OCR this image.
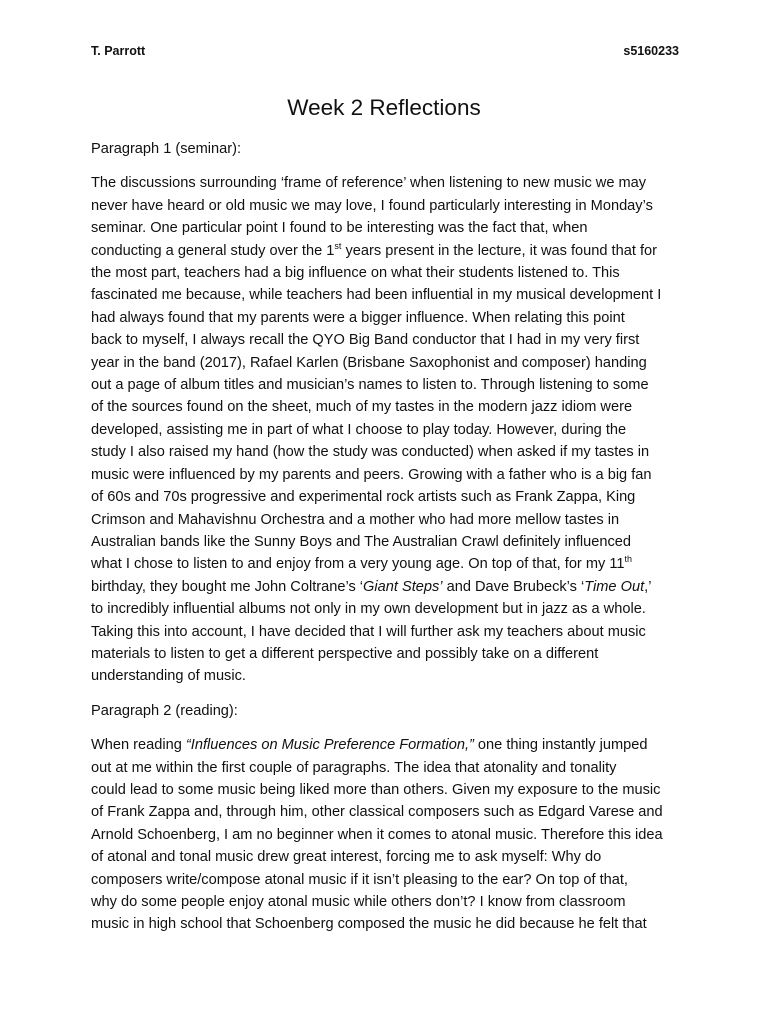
T. Parrott	s5160233
Week 2 Reflections
Paragraph 1 (seminar):
The discussions surrounding ‘frame of reference’ when listening to new music we may
never have heard or old music we may love, I found particularly interesting in Monday’s
seminar. One particular point I found to be interesting was the fact that, when
conducting a general study over the 1st years present in the lecture, it was found that for
the most part, teachers had a big influence on what their students listened to. This
fascinated me because, while teachers had been influential in my musical development I
had always found that my parents were a bigger influence. When relating this point
back to myself, I always recall the QYO Big Band conductor that I had in my very first
year in the band (2017), Rafael Karlen (Brisbane Saxophonist and composer) handing
out a page of album titles and musician’s names to listen to. Through listening to some
of the sources found on the sheet, much of my tastes in the modern jazz idiom were
developed, assisting me in part of what I choose to play today. However, during the
study I also raised my hand (how the study was conducted) when asked if my tastes in
music were influenced by my parents and peers. Growing with a father who is a big fan
of 60s and 70s progressive and experimental rock artists such as Frank Zappa, King
Crimson and Mahavishnu Orchestra and a mother who had more mellow tastes in
Australian bands like the Sunny Boys and The Australian Crawl definitely influenced
what I chose to listen to and enjoy from a very young age. On top of that, for my 11th
birthday, they bought me John Coltrane’s ‘Giant Steps’ and Dave Brubeck’s ‘Time Out,’
to incredibly influential albums not only in my own development but in jazz as a whole.
Taking this into account, I have decided that I will further ask my teachers about music
materials to listen to get a different perspective and possibly take on a different
understanding of music.
Paragraph 2 (reading):
When reading “Influences on Music Preference Formation,” one thing instantly jumped
out at me within the first couple of paragraphs. The idea that atonality and tonality
could lead to some music being liked more than others. Given my exposure to the music
of Frank Zappa and, through him, other classical composers such as Edgard Varese and
Arnold Schoenberg, I am no beginner when it comes to atonal music. Therefore this idea
of atonal and tonal music drew great interest, forcing me to ask myself: Why do
composers write/compose atonal music if it isn’t pleasing to the ear? On top of that,
why do some people enjoy atonal music while others don’t? I know from classroom
music in high school that Schoenberg composed the music he did because he felt that
